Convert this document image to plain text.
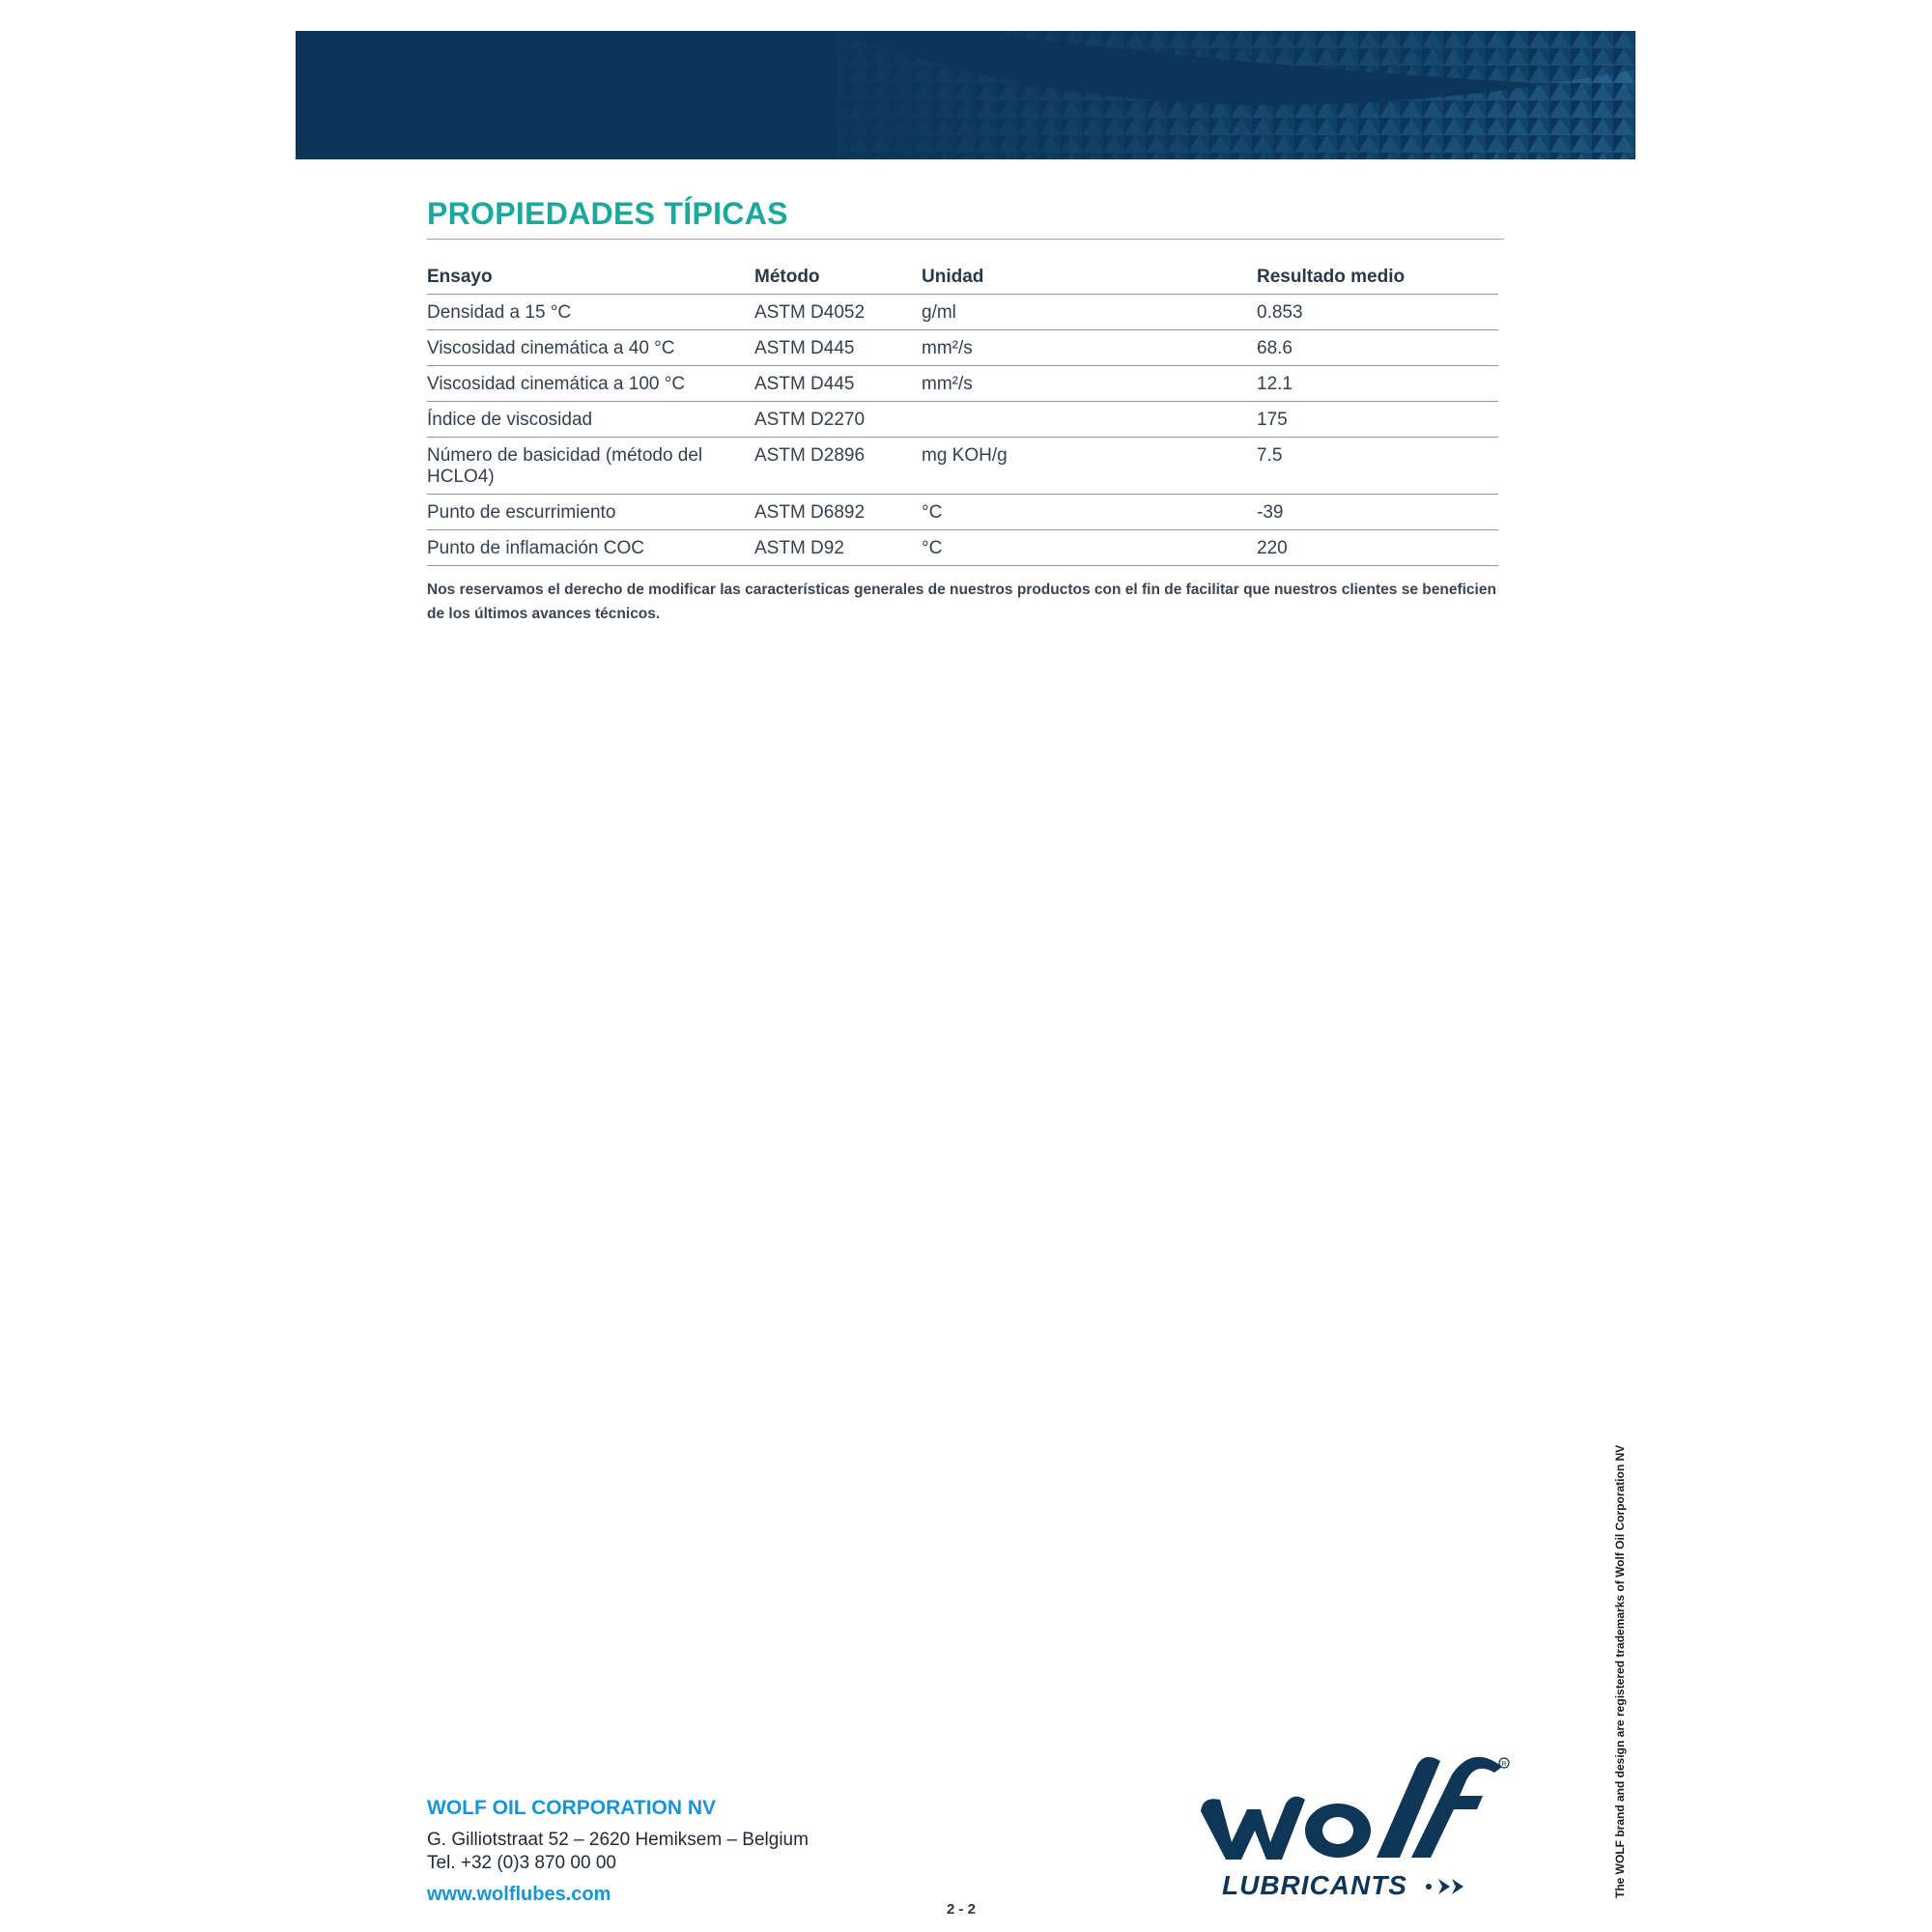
PROPIEDADES TÍPICAS
Ensayo	Método	Unidad	Resultado medio
Densidad a 15 °C	ASTM D4052	g/ml	0.853
Viscosidad cinemática a 40 °C	ASTM D445	mm²/s	68.6
Viscosidad cinemática a 100 °C	ASTM D445	mm²/s	12.1
Índice de viscosidad	ASTM D2270		175
Número de basicidad (método del HCLO4)	ASTM D2896	mg KOH/g	7.5
Punto de escurrimiento	ASTM D6892	°C	-39
Punto de inflamación COC	ASTM D92	°C	220
Nos reservamos el derecho de modificar las características generales de nuestros productos con el fin de facilitar que nuestros clientes se beneficien de los últimos avances técnicos.
WOLF OIL CORPORATION NV
G. Gilliotstraat 52 – 2620 Hemiksem – Belgium
Tel. +32 (0)3 870 00 00
www.wolflubes.com
2 - 2
R
LUBRICANTS	The WOLF brand and design are registered trademarks of Wolf Oil Corporation NV
